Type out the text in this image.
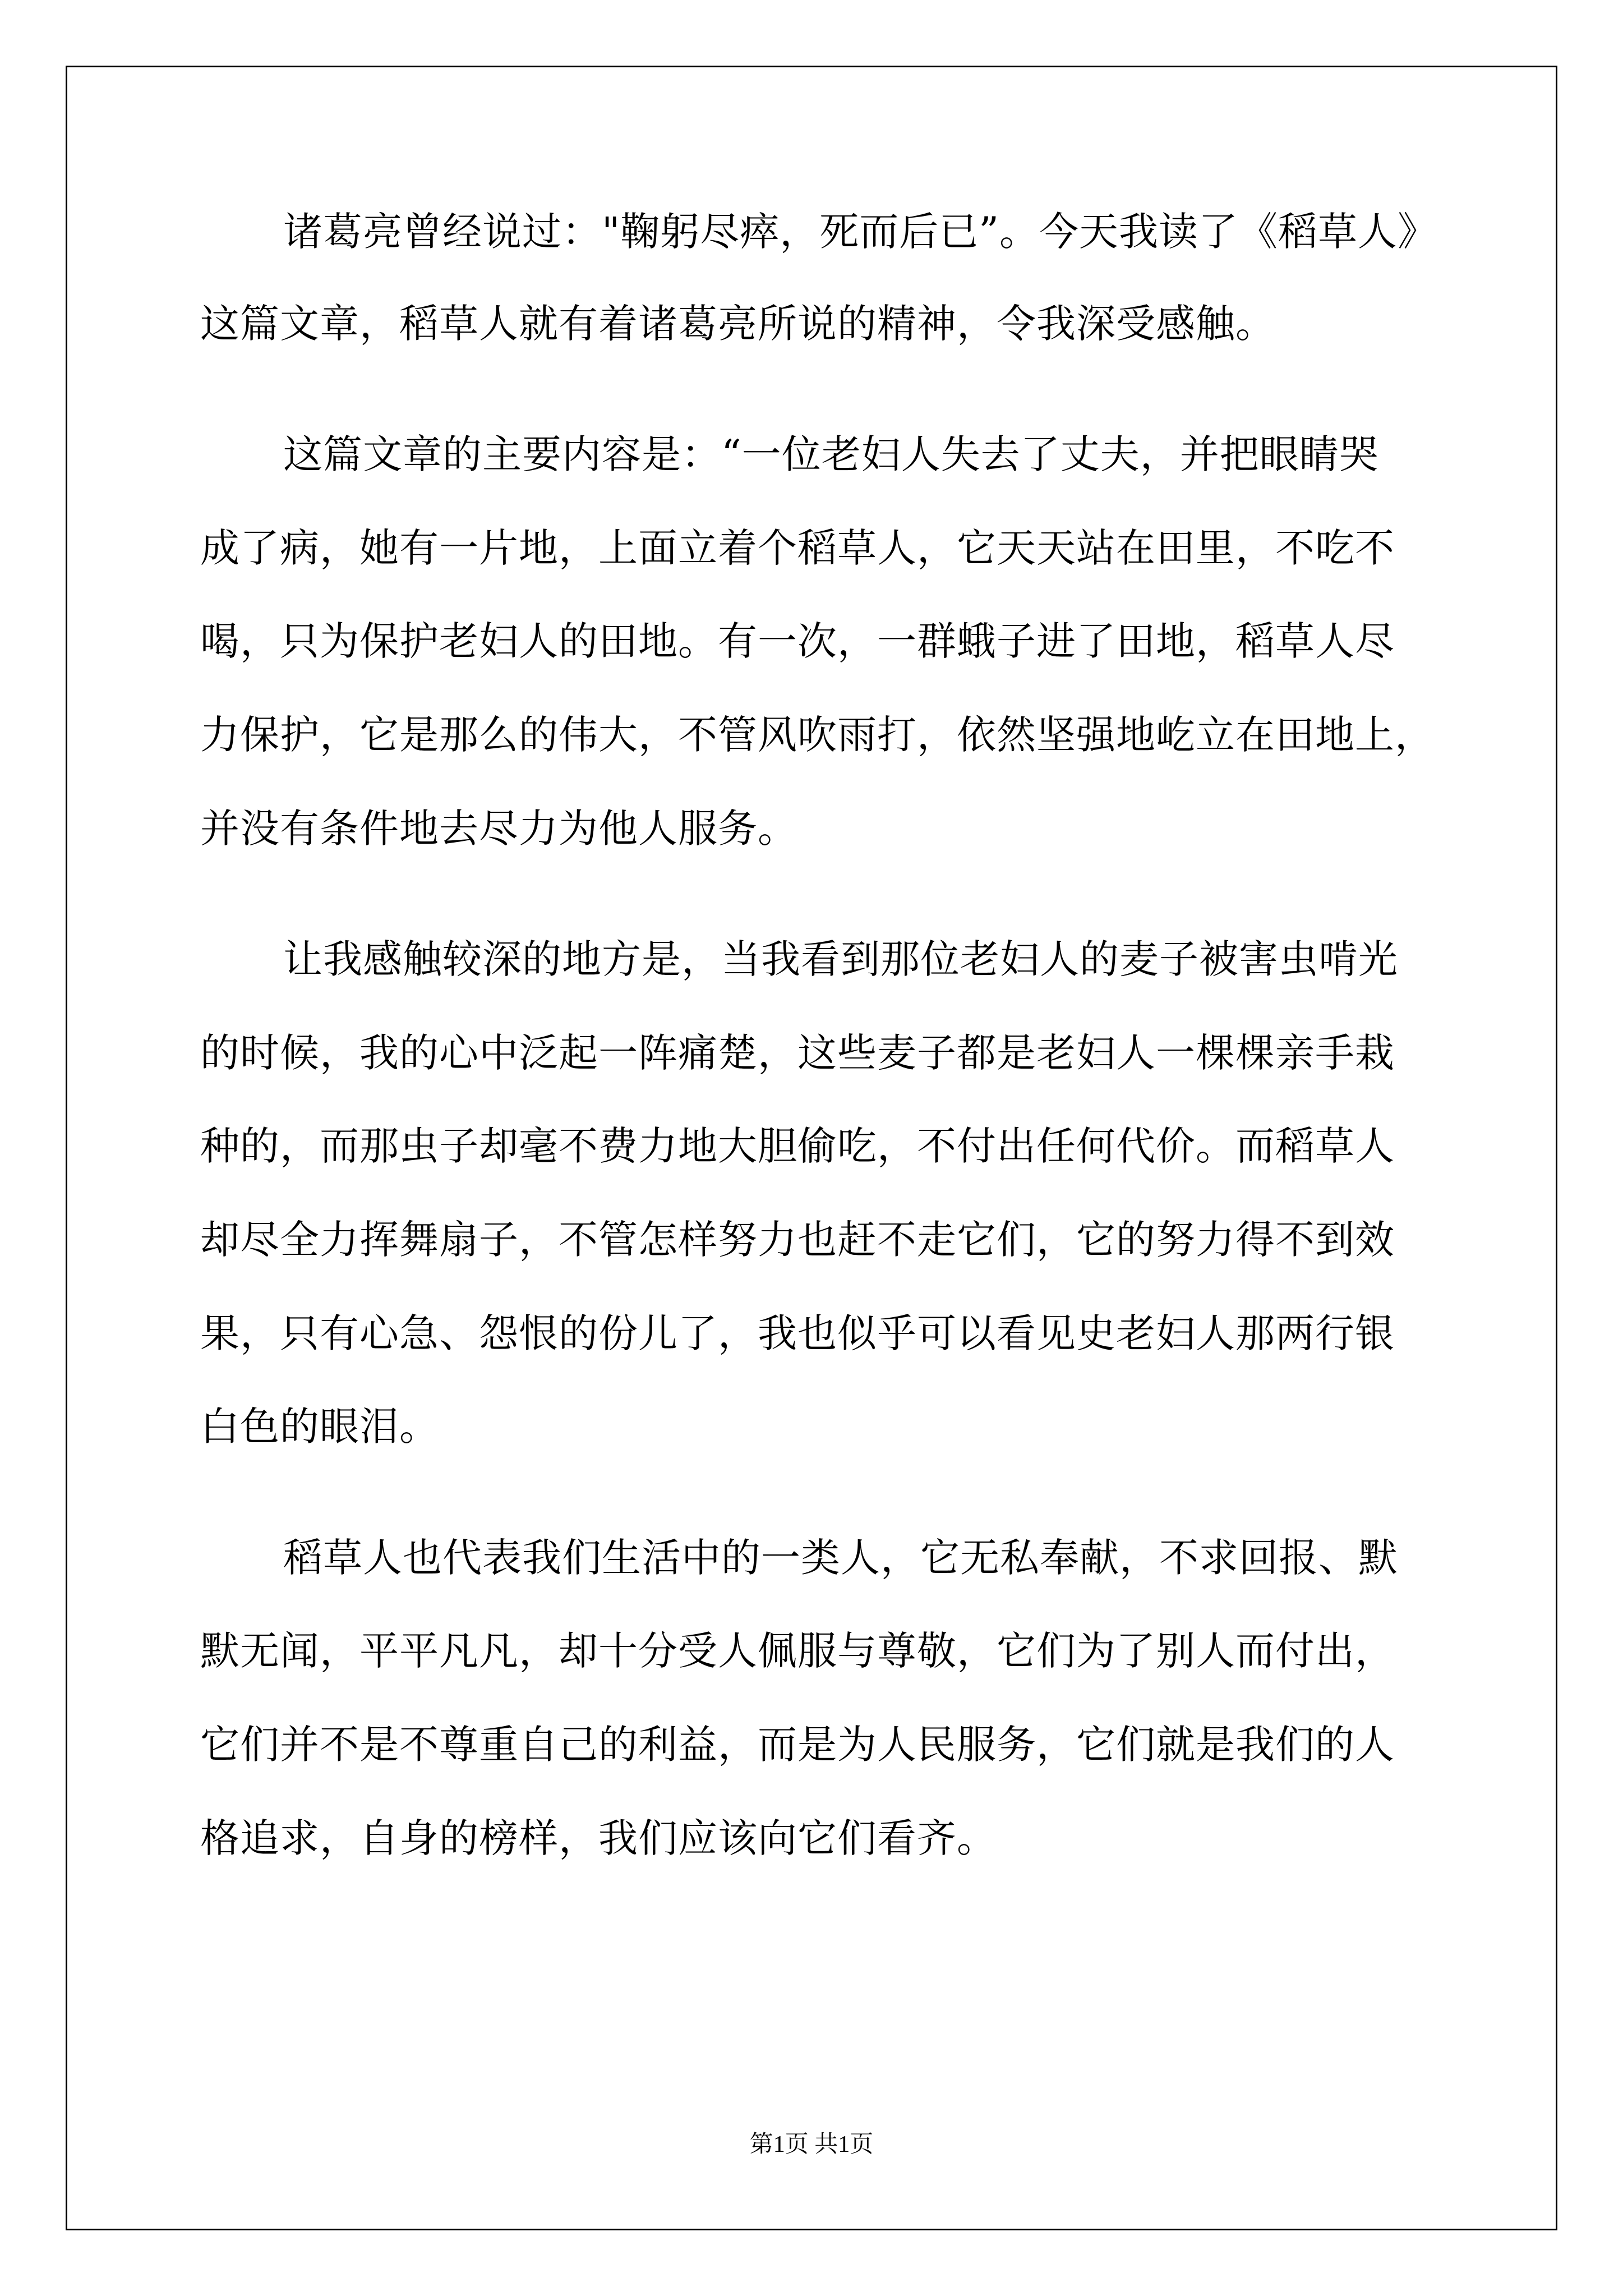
诸葛亮曾经说过："鞠躬尽瘁，死而后已”。今天我读了《稻草人》
这篇文章，稻草人就有着诸葛亮所说的精神，令我深受感触。
这篇文章的主要内容是：“一位老妇人失去了丈夫，并把眼睛哭
成了病，她有一片地，上面立着个稻草人，它天天站在田里，不吃不
喝，只为保护老妇人的田地。有一次，一群蛾子进了田地，稻草人尽
力保护，它是那么的伟大，不管风吹雨打，依然坚强地屹立在田地上，
并没有条件地去尽力为他人服务。
让我感触较深的地方是，当我看到那位老妇人的麦子被害虫啃光
的时候，我的心中泛起一阵痛楚，这些麦子都是老妇人一棵棵亲手栽
种的，而那虫子却毫不费力地大胆偷吃，不付出任何代价。而稻草人
却尽全力挥舞扇子，不管怎样努力也赶不走它们，它的努力得不到效
果，只有心急、怨恨的份儿了，我也似乎可以看见史老妇人那两行银
白色的眼泪。
稻草人也代表我们生活中的一类人，它无私奉献，不求回报、默
默无闻，平平凡凡，却十分受人佩服与尊敬，它们为了别人而付出，
它们并不是不尊重自己的利益，而是为人民服务，它们就是我们的人
格追求，自身的榜样，我们应该向它们看齐。
第1页 共1页
